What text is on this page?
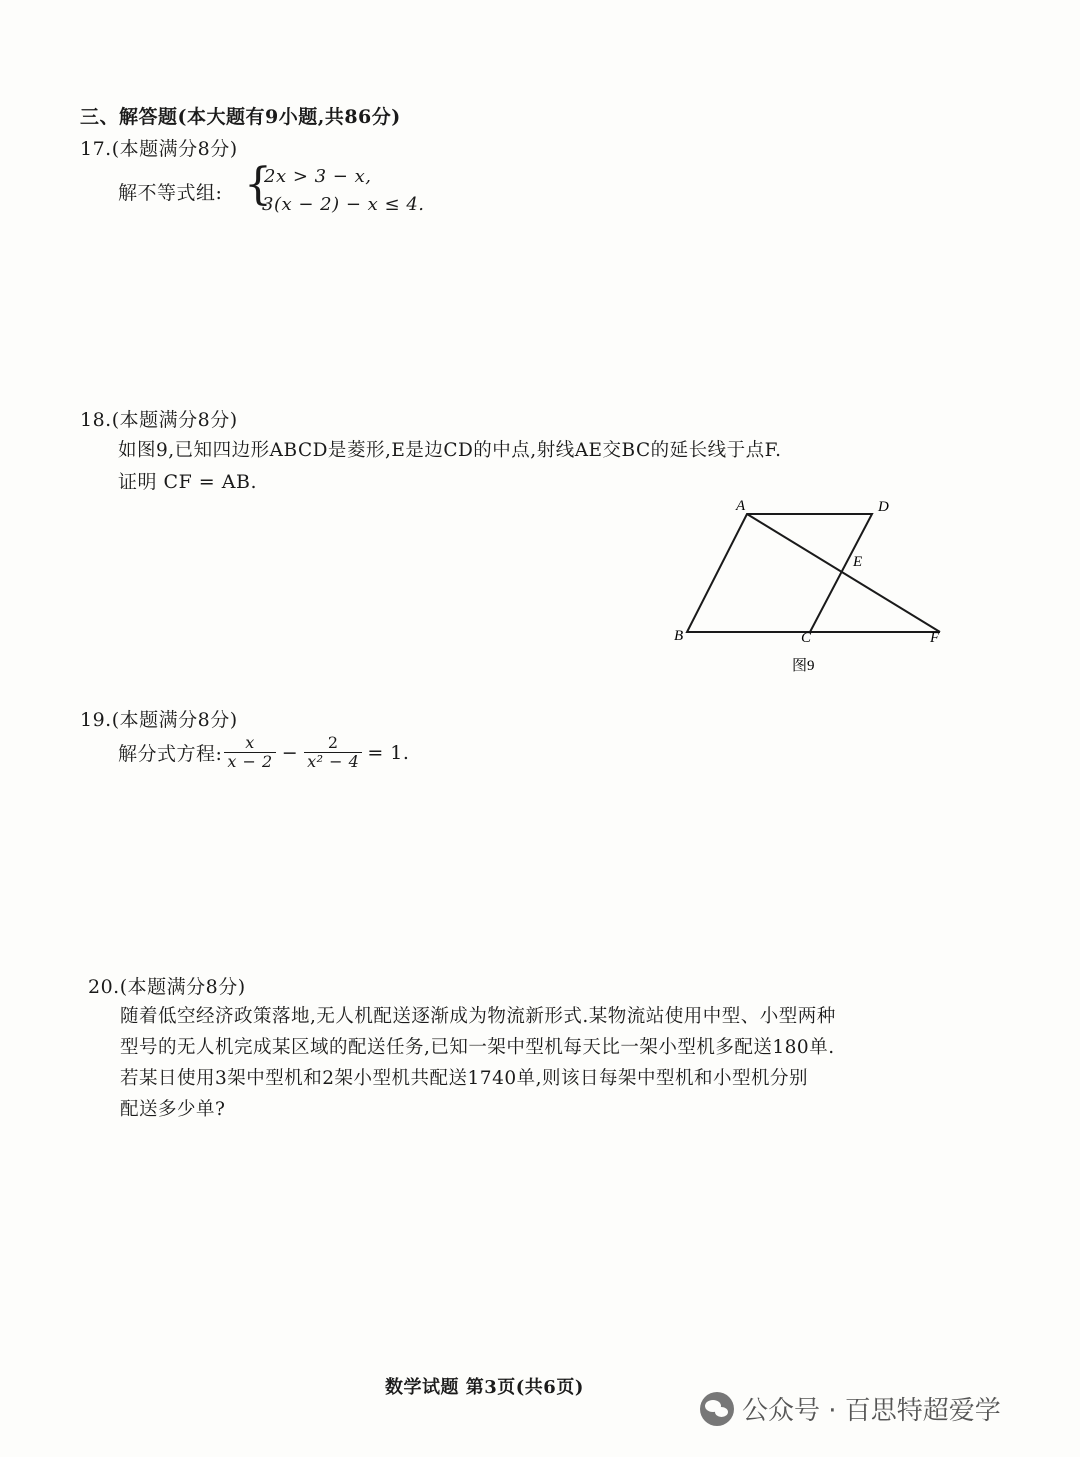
三、解答题(本大题有9小题,共86分)
17.(本题满分8分)
解不等式组: {
2x > 3 − x,
3(x − 2) − x ≤ 4.
18.(本题满分8分)
如图9,已知四边形ABCD是菱形,E是边CD的中点,射线AE交BC的延长线于点F.
证明 CF = AB.
A	D
E
B	C	F
图9
19.(本题满分8分)
解分式方程: $\frac{x}{x - 2} - \frac{2}{\text{x² − 4}} = 1$.
20.(本题满分8分)
随着低空经济政策落地,无人机配送逐渐成为物流新形式.某物流站使用中型、小型两种
型号的无人机完成某区域的配送任务,已知一架中型机每天比一架小型机多配送180单.
若某日使用3架中型机和2架小型机共配送1740单,则该日每架中型机和小型机分别
配送多少单?
数学试题 第3页(共6页)
公众号 · 百思特超爱学
